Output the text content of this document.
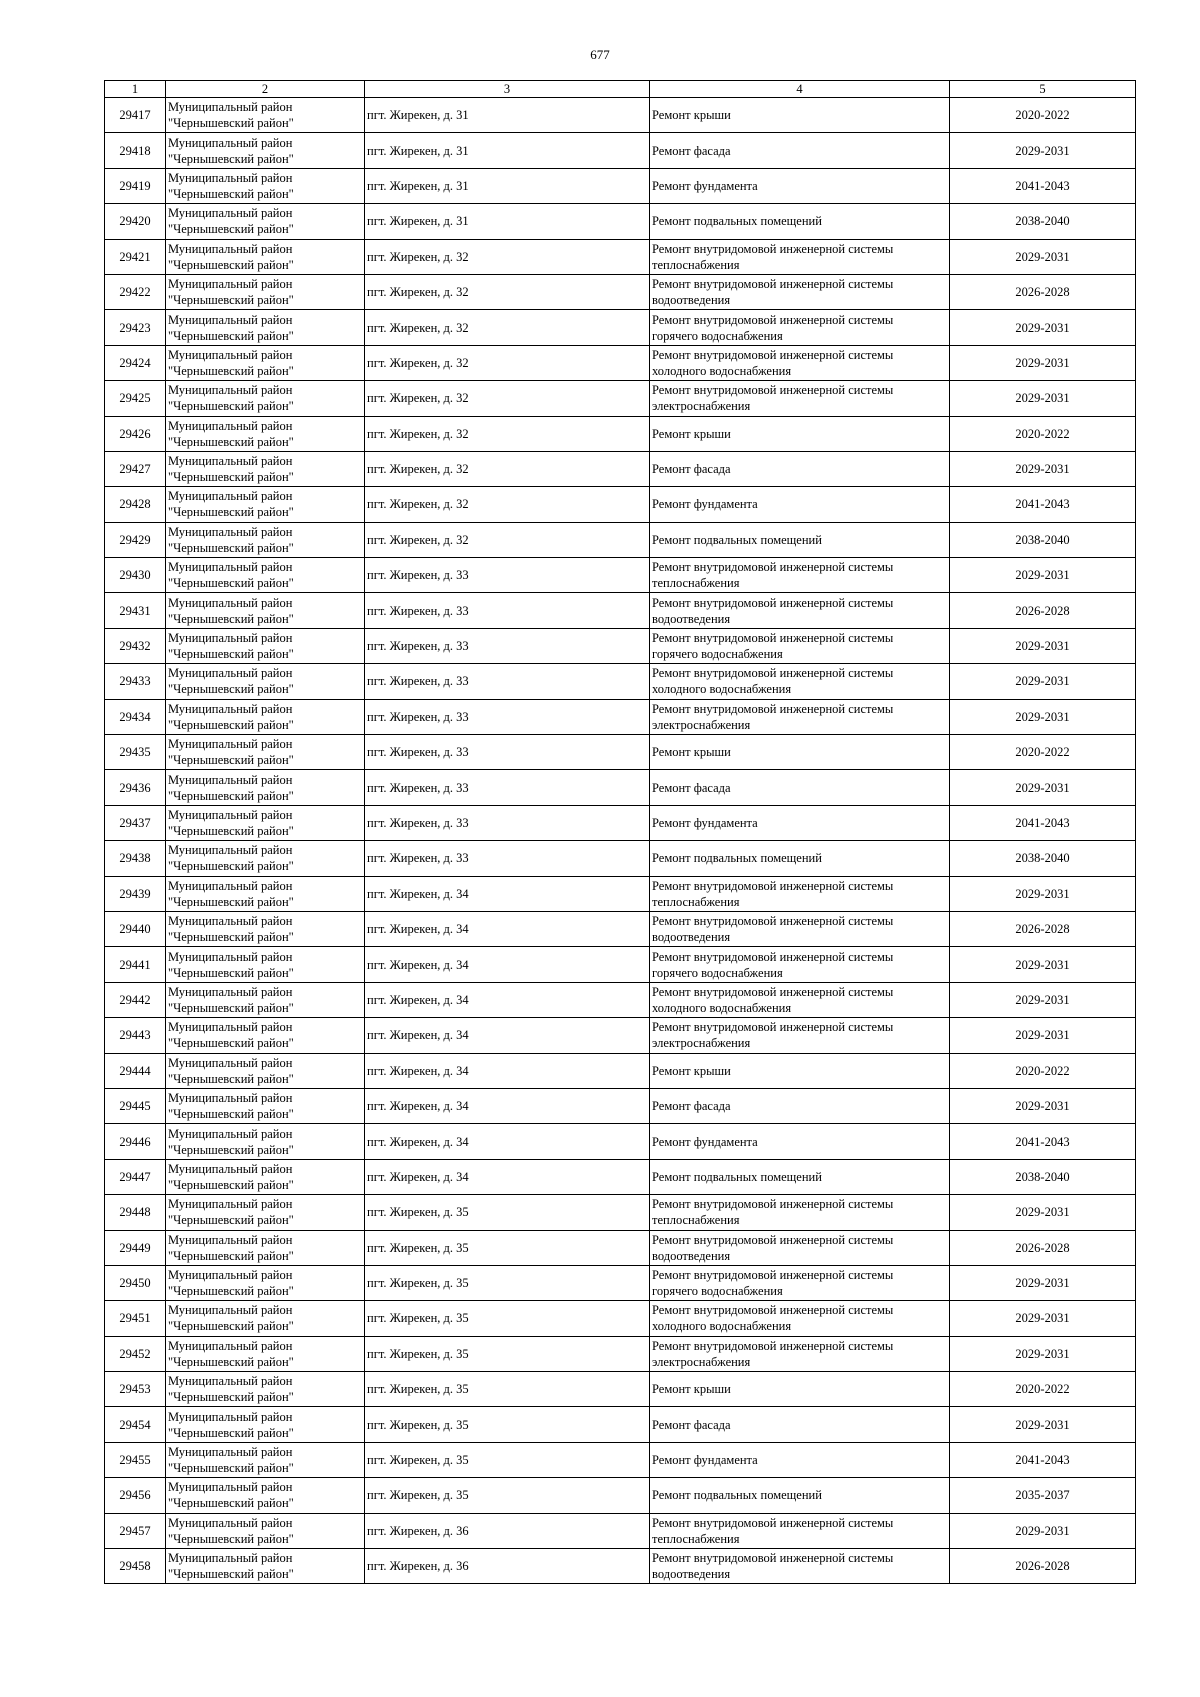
677
1	2	3	4	5
29417	Муниципальный район
"Чернышевский район"	пгт. Жирекен, д. 31	Ремонт крыши	2020-2022
29418	Муниципальный район
"Чернышевский район"	пгт. Жирекен, д. 31	Ремонт фасада	2029-2031
29419	Муниципальный район
"Чернышевский район"	пгт. Жирекен, д. 31	Ремонт фундамента	2041-2043
29420	Муниципальный район
"Чернышевский район"	пгт. Жирекен, д. 31	Ремонт подвальных помещений	2038-2040
29421	Муниципальный район
"Чернышевский район"	пгт. Жирекен, д. 32	Ремонт внутридомовой инженерной системы
теплоснабжения	2029-2031
29422	Муниципальный район
"Чернышевский район"	пгт. Жирекен, д. 32	Ремонт внутридомовой инженерной системы
водоотведения	2026-2028
29423	Муниципальный район
"Чернышевский район"	пгт. Жирекен, д. 32	Ремонт внутридомовой инженерной системы
горячего водоснабжения	2029-2031
29424	Муниципальный район
"Чернышевский район"	пгт. Жирекен, д. 32	Ремонт внутридомовой инженерной системы
холодного водоснабжения	2029-2031
29425	Муниципальный район
"Чернышевский район"	пгт. Жирекен, д. 32	Ремонт внутридомовой инженерной системы
электроснабжения	2029-2031
29426	Муниципальный район
"Чернышевский район"	пгт. Жирекен, д. 32	Ремонт крыши	2020-2022
29427	Муниципальный район
"Чернышевский район"	пгт. Жирекен, д. 32	Ремонт фасада	2029-2031
29428	Муниципальный район
"Чернышевский район"	пгт. Жирекен, д. 32	Ремонт фундамента	2041-2043
29429	Муниципальный район
"Чернышевский район"	пгт. Жирекен, д. 32	Ремонт подвальных помещений	2038-2040
29430	Муниципальный район
"Чернышевский район"	пгт. Жирекен, д. 33	Ремонт внутридомовой инженерной системы
теплоснабжения	2029-2031
29431	Муниципальный район
"Чернышевский район"	пгт. Жирекен, д. 33	Ремонт внутридомовой инженерной системы
водоотведения	2026-2028
29432	Муниципальный район
"Чернышевский район"	пгт. Жирекен, д. 33	Ремонт внутридомовой инженерной системы
горячего водоснабжения	2029-2031
29433	Муниципальный район
"Чернышевский район"	пгт. Жирекен, д. 33	Ремонт внутридомовой инженерной системы
холодного водоснабжения	2029-2031
29434	Муниципальный район
"Чернышевский район"	пгт. Жирекен, д. 33	Ремонт внутридомовой инженерной системы
электроснабжения	2029-2031
29435	Муниципальный район
"Чернышевский район"	пгт. Жирекен, д. 33	Ремонт крыши	2020-2022
29436	Муниципальный район
"Чернышевский район"	пгт. Жирекен, д. 33	Ремонт фасада	2029-2031
29437	Муниципальный район
"Чернышевский район"	пгт. Жирекен, д. 33	Ремонт фундамента	2041-2043
29438	Муниципальный район
"Чернышевский район"	пгт. Жирекен, д. 33	Ремонт подвальных помещений	2038-2040
29439	Муниципальный район
"Чернышевский район"	пгт. Жирекен, д. 34	Ремонт внутридомовой инженерной системы
теплоснабжения	2029-2031
29440	Муниципальный район
"Чернышевский район"	пгт. Жирекен, д. 34	Ремонт внутридомовой инженерной системы
водоотведения	2026-2028
29441	Муниципальный район
"Чернышевский район"	пгт. Жирекен, д. 34	Ремонт внутридомовой инженерной системы
горячего водоснабжения	2029-2031
29442	Муниципальный район
"Чернышевский район"	пгт. Жирекен, д. 34	Ремонт внутридомовой инженерной системы
холодного водоснабжения	2029-2031
29443	Муниципальный район
"Чернышевский район"	пгт. Жирекен, д. 34	Ремонт внутридомовой инженерной системы
электроснабжения	2029-2031
29444	Муниципальный район
"Чернышевский район"	пгт. Жирекен, д. 34	Ремонт крыши	2020-2022
29445	Муниципальный район
"Чернышевский район"	пгт. Жирекен, д. 34	Ремонт фасада	2029-2031
29446	Муниципальный район
"Чернышевский район"	пгт. Жирекен, д. 34	Ремонт фундамента	2041-2043
29447	Муниципальный район
"Чернышевский район"	пгт. Жирекен, д. 34	Ремонт подвальных помещений	2038-2040
29448	Муниципальный район
"Чернышевский район"	пгт. Жирекен, д. 35	Ремонт внутридомовой инженерной системы
теплоснабжения	2029-2031
29449	Муниципальный район
"Чернышевский район"	пгт. Жирекен, д. 35	Ремонт внутридомовой инженерной системы
водоотведения	2026-2028
29450	Муниципальный район
"Чернышевский район"	пгт. Жирекен, д. 35	Ремонт внутридомовой инженерной системы
горячего водоснабжения	2029-2031
29451	Муниципальный район
"Чернышевский район"	пгт. Жирекен, д. 35	Ремонт внутридомовой инженерной системы
холодного водоснабжения	2029-2031
29452	Муниципальный район
"Чернышевский район"	пгт. Жирекен, д. 35	Ремонт внутридомовой инженерной системы
электроснабжения	2029-2031
29453	Муниципальный район
"Чернышевский район"	пгт. Жирекен, д. 35	Ремонт крыши	2020-2022
29454	Муниципальный район
"Чернышевский район"	пгт. Жирекен, д. 35	Ремонт фасада	2029-2031
29455	Муниципальный район
"Чернышевский район"	пгт. Жирекен, д. 35	Ремонт фундамента	2041-2043
29456	Муниципальный район
"Чернышевский район"	пгт. Жирекен, д. 35	Ремонт подвальных помещений	2035-2037
29457	Муниципальный район
"Чернышевский район"	пгт. Жирекен, д. 36	Ремонт внутридомовой инженерной системы
теплоснабжения	2029-2031
29458	Муниципальный район
"Чернышевский район"	пгт. Жирекен, д. 36	Ремонт внутридомовой инженерной системы
водоотведения	2026-2028
